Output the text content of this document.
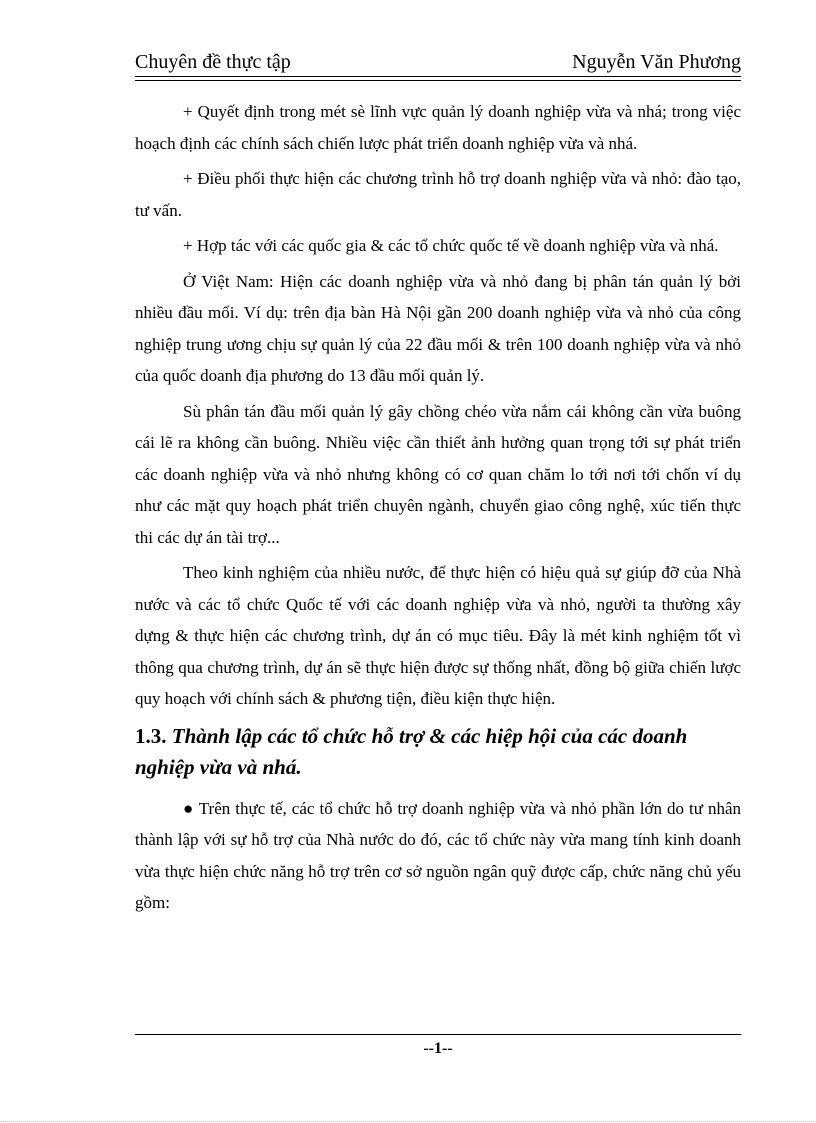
Chuyên đề thực tập	Nguyễn Văn Phương

+ Quyết định trong mét sè lĩnh vực quản lý doanh nghiệp vừa và nhá; trong việc hoạch định các chính sách chiến lược phát triển doanh nghiệp vừa và nhá.

+ Điều phối thực hiện các chương trình hỗ trợ doanh nghiệp vừa và nhỏ: đào tạo, tư vấn.

+ Hợp tác với các quốc gia & các tổ chức quốc tế về doanh nghiệp vừa và nhá.

Ở Việt Nam: Hiện các doanh nghiệp vừa và nhỏ đang bị phân tán quản lý bởi nhiều đầu mối. Ví dụ: trên địa bàn Hà Nội gần 200 doanh nghiệp vừa và nhỏ của công nghiệp trung ương chịu sự quản lý của 22 đầu mối & trên 100 doanh nghiệp vừa và nhỏ của quốc doanh địa phương do 13 đầu mối quản lý.

Sù phân tán đầu mối quản lý gây chồng chéo vừa nắm cái không cần vừa buông cái lẽ ra không cần buông. Nhiều việc cần thiết ảnh hưởng quan trọng tới sự phát triển các doanh nghiệp vừa và nhỏ nhưng không có cơ quan chăm lo tới nơi tới chốn ví dụ như các mặt quy hoạch phát triển chuyên ngành, chuyển giao công nghệ, xúc tiến thực thi các dự án tài trợ...

Theo kinh nghiệm của nhiều nước, để thực hiện có hiệu quả sự giúp đỡ của Nhà nước và các tổ chức Quốc tế với các doanh nghiệp vừa và nhỏ, người ta thường xây dựng & thực hiện các chương trình, dự án có mục tiêu. Đây là mét kinh nghiệm tốt vì thông qua chương trình, dự án sẽ thực hiện được sự thống nhất, đồng bộ giữa chiến lược quy hoạch với chính sách & phương tiện, điều kiện thực hiện.

1.3. Thành lập các tổ chức hỗ trợ & các hiệp hội của các doanh nghiệp vừa và nhá.

● Trên thực tế, các tổ chức hỗ trợ doanh nghiệp vừa và nhỏ phần lớn do tư nhân thành lập với sự hỗ trợ của Nhà nước do đó, các tổ chức này vừa mang tính kinh doanh vừa thực hiện chức năng hỗ trợ trên cơ sở nguồn ngân quỹ được cấp, chức năng chủ yếu gồm:

--1--
